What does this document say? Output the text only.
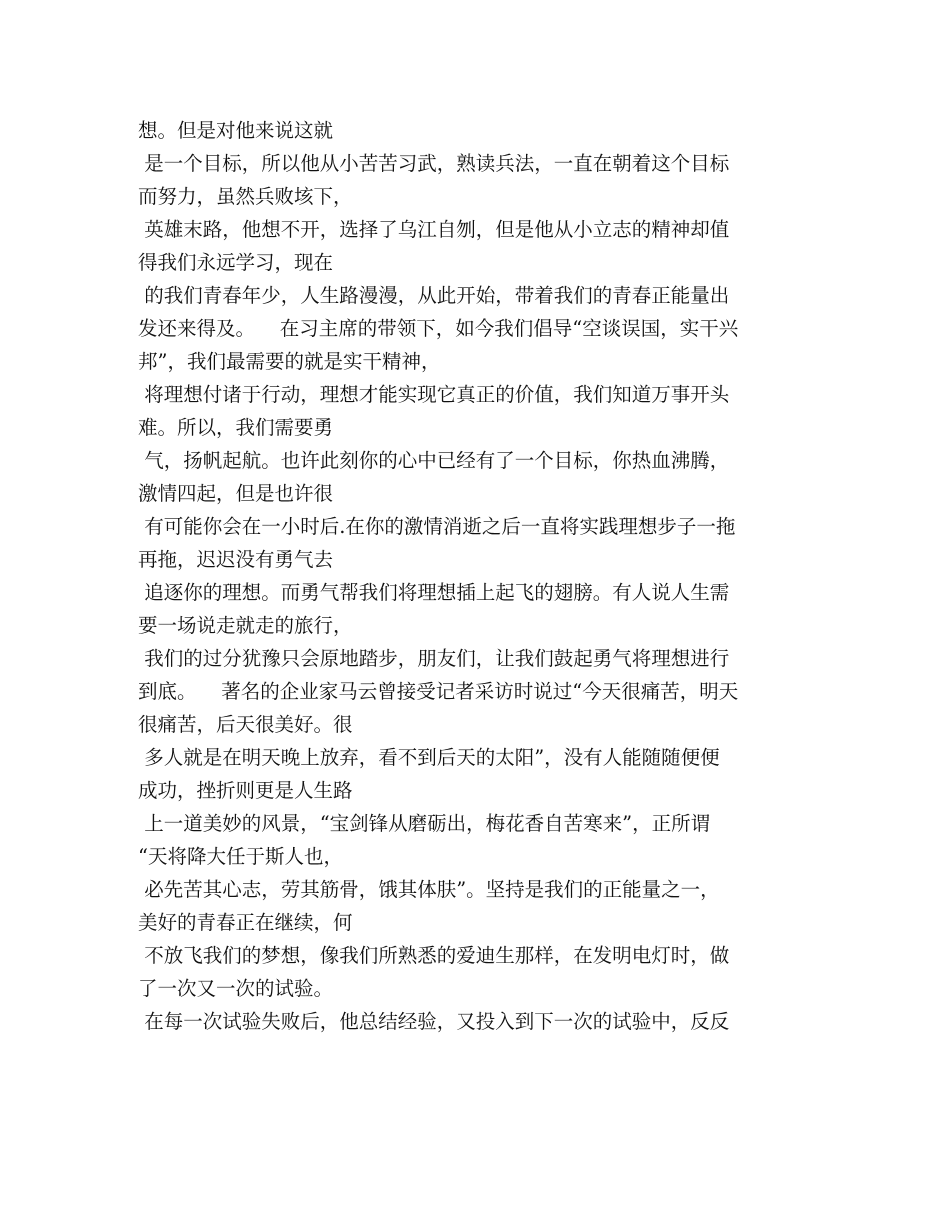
想。但是对他来说这就
是一个目标，所以他从小苦苦习武，熟读兵法，一直在朝着这个目标
而努力，虽然兵败垓下，
英雄末路，他想不开，选择了乌江自刎，但是他从小立志的精神却值
得我们永远学习，现在
的我们青春年少，人生路漫漫，从此开始，带着我们的青春正能量出
发还来得及。    在习主席的带领下，如今我们倡导“空谈误国，实干兴
邦”，我们最需要的就是实干精神，
将理想付诸于行动，理想才能实现它真正的价值，我们知道万事开头
难。所以，我们需要勇
气，扬帆起航。也许此刻你的心中已经有了一个目标，你热血沸腾，
激情四起，但是也许很
有可能你会在一小时后.在你的激情消逝之后一直将实践理想步子一拖
再拖，迟迟没有勇气去
追逐你的理想。而勇气帮我们将理想插上起飞的翅膀。有人说人生需
要一场说走就走的旅行，
我们的过分犹豫只会原地踏步，朋友们，让我们鼓起勇气将理想进行
到底。    著名的企业家马云曾接受记者采访时说过“今天很痛苦，明天
很痛苦，后天很美好。很
多人就是在明天晚上放弃，看不到后天的太阳”，没有人能随随便便
成功，挫折则更是人生路
上一道美妙的风景，“宝剑锋从磨砺出，梅花香自苦寒来”，正所谓
“天将降大任于斯人也，
必先苦其心志，劳其筋骨，饿其体肤”。坚持是我们的正能量之一，
美好的青春正在继续，何
不放飞我们的梦想，像我们所熟悉的爱迪生那样，在发明电灯时，做
了一次又一次的试验。
在每一次试验失败后，他总结经验，又投入到下一次的试验中，反反
